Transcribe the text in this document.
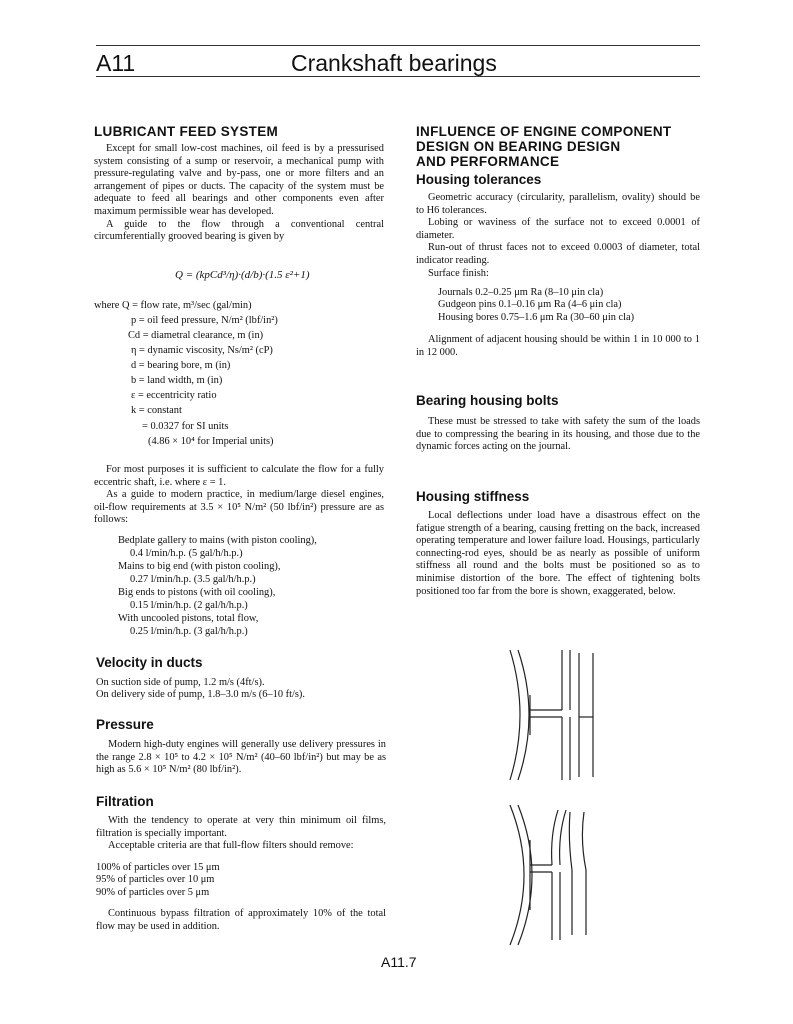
A11	Crankshaft bearings
LUBRICANT FEED SYSTEM

Except for small low-cost machines, oil feed is by a pressurised system consisting of a sump or reservoir, a mechanical pump with pressure-regulating valve and by-pass, one or more filters and an arrangement of pipes or ducts. The capacity of the system must be adequate to feed all bearings and other components even after maximum permissible wear has developed.

A guide to the flow through a conventional central circumferentially grooved bearing is given by

Q = (kpCd³/η)·(d/b)·(1.5 ε²+1)
where Q = flow rate, m³/sec (gal/min)
p = oil feed pressure, N/m² (lbf/in²)
Cd = diametral clearance, m (in)
η = dynamic viscosity, Ns/m² (cP)
d = bearing bore, m (in)
b = land width, m (in)
ε = eccentricity ratio
k = constant
= 0.0327 for SI units
(4.86 × 10⁴ for Imperial units)

For most purposes it is sufficient to calculate the flow for a fully eccentric shaft, i.e. where ε = 1.

As a guide to modern practice, in medium/large diesel engines, oil-flow requirements at 3.5 × 10⁵ N/m² (50 lbf/in²) pressure are as follows:

Bedplate gallery to mains (with piston cooling),
0.4 l/min/h.p. (5 gal/h/h.p.)
Mains to big end (with piston cooling),
0.27 l/min/h.p. (3.5 gal/h/h.p.)
Big ends to pistons (with oil cooling),
0.15 l/min/h.p. (2 gal/h/h.p.)
With uncooled pistons, total flow,
0.25 l/min/h.p. (3 gal/h/h.p.)
Velocity in ducts
On suction side of pump, 1.2 m/s (4ft/s).
On delivery side of pump, 1.8–3.0 m/s (6–10 ft/s).
Pressure

Modern high-duty engines will generally use delivery pressures in the range 2.8 × 10⁵ to 4.2 × 10⁵ N/m² (40–60 lbf/in²) but may be as high as 5.6 × 10⁵ N/m² (80 lbf/in²).

Filtration

With the tendency to operate at very thin minimum oil films, filtration is specially important.

Acceptable criteria are that full-flow filters should remove:

100% of particles over 15 μm
95% of particles over 10 μm
90% of particles over 5 μm

Continuous bypass filtration of approximately 10% of the total flow may be used in addition.

INFLUENCE OF ENGINE COMPONENT
DESIGN ON BEARING DESIGN
AND PERFORMANCE
Housing tolerances

Geometric accuracy (circularity, parallelism, ovality) should be to H6 tolerances.

Lobing or waviness of the surface not to exceed 0.0001 of diameter.

Run-out of thrust faces not to exceed 0.0003 of diameter, total indicator reading.

Surface finish:
Journals 0.2–0.25 μm Ra (8–10 μin cla)
Gudgeon pins 0.1–0.16 μm Ra (4–6 μin cla)
Housing bores 0.75–1.6 μm Ra (30–60 μin cla)

Alignment of adjacent housing should be within 1 in 10 000 to 1 in 12 000.

Bearing housing bolts

These must be stressed to take with safety the sum of the loads due to compressing the bearing in its housing, and those due to the dynamic forces acting on the journal.

Housing stiffness

Local deflections under load have a disastrous effect on the fatigue strength of a bearing, causing fretting on the back, increased operating temperature and lower failure load. Housings, particularly connecting-rod eyes, should be as nearly as possible of uniform stiffness all round and the bolts must be positioned so as to minimise distortion of the bore. The effect of tightening bolts positioned too far from the bore is shown, exaggerated, below.

A11.7
